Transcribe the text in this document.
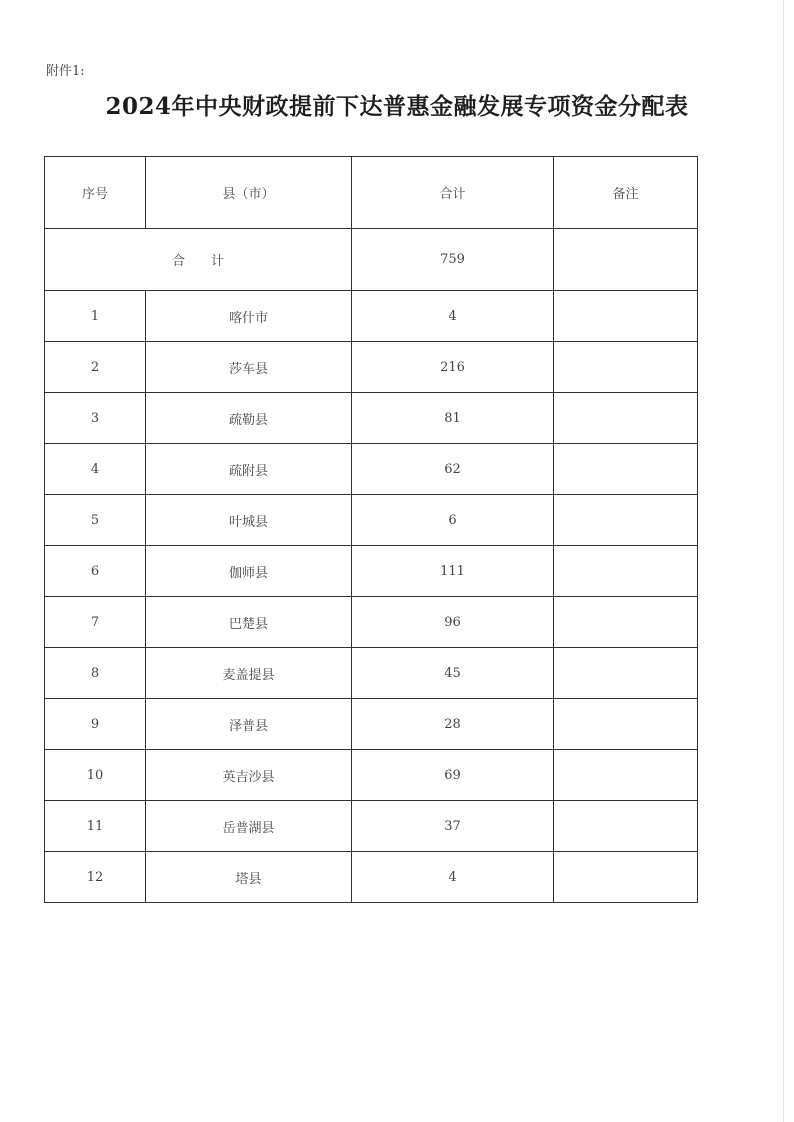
附件1:
2024年中央财政提前下达普惠金融发展专项资金分配表
序号	县（市）	合计	备注
合计		759	
1	喀什市	4	
2	莎车县	216	
3	疏勒县	81	
4	疏附县	62	
5	叶城县	6	
6	伽师县	111	
7	巴楚县	96	
8	麦盖提县	45	
9	泽普县	28	
10	英吉沙县	69	
11	岳普湖县	37	
12	塔县	4	
